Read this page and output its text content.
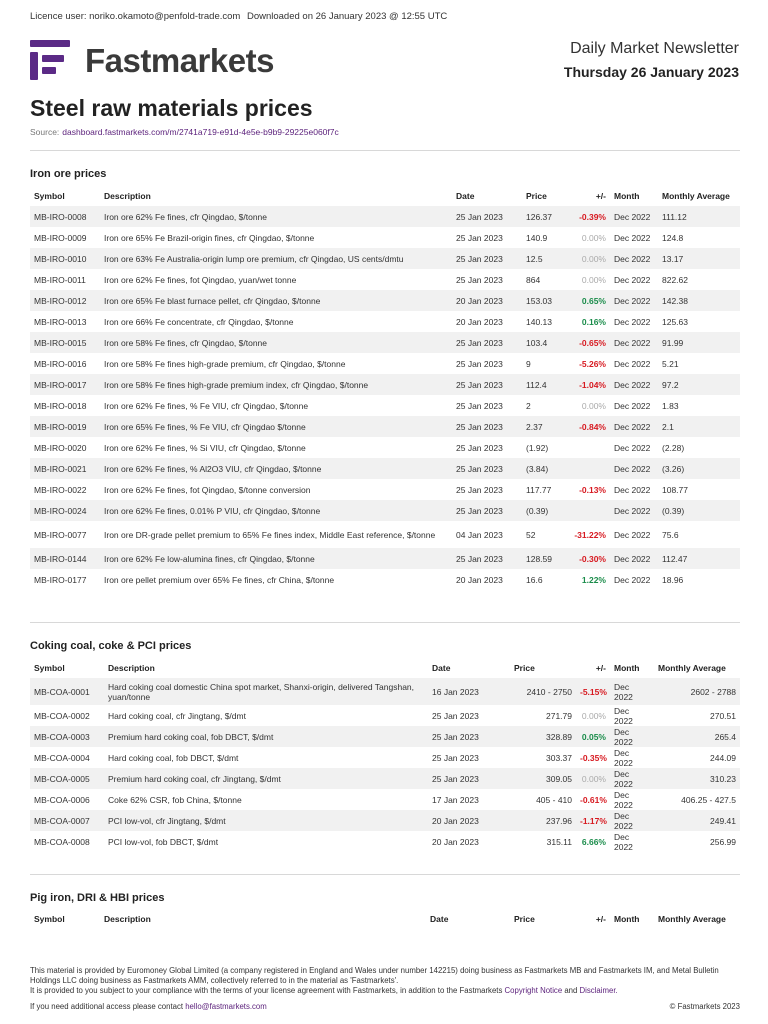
Licence user: noriko.okamoto@penfold-trade.com Downloaded on 26 January 2023 @ 12:55 UTC
Fastmarkets	Daily Market Newsletter
Thursday 26 January 2023
Steel raw materials prices
Source: dashboard.fastmarkets.com/m/2741a719-e91d-4e5e-b9b9-29225e060f7c
Iron ore prices
Symbol	Description	Date	Price	+/-	Month	Monthly Average
MB-IRO-0008	Iron ore 62% Fe fines, cfr Qingdao, $/tonne	25 Jan 2023	126.37	-0.39%	Dec 2022	111.12
MB-IRO-0009	Iron ore 65% Fe Brazil-origin fines, cfr Qingdao, $/tonne	25 Jan 2023	140.9	0.00%	Dec 2022	124.8
MB-IRO-0010	Iron ore 63% Fe Australia-origin lump ore premium, cfr Qingdao, US cents/dmtu	25 Jan 2023	12.5	0.00%	Dec 2022	13.17
MB-IRO-0011	Iron ore 62% Fe fines, fot Qingdao, yuan/wet tonne	25 Jan 2023	864	0.00%	Dec 2022	822.62
MB-IRO-0012	Iron ore 65% Fe blast furnace pellet, cfr Qingdao, $/tonne	20 Jan 2023	153.03	0.65%	Dec 2022	142.38
MB-IRO-0013	Iron ore 66% Fe concentrate, cfr Qingdao, $/tonne	20 Jan 2023	140.13	0.16%	Dec 2022	125.63
MB-IRO-0015	Iron ore 58% Fe fines, cfr Qingdao, $/tonne	25 Jan 2023	103.4	-0.65%	Dec 2022	91.99
MB-IRO-0016	Iron ore 58% Fe fines high-grade premium, cfr Qingdao, $/tonne	25 Jan 2023	9	-5.26%	Dec 2022	5.21
MB-IRO-0017	Iron ore 58% Fe fines high-grade premium index, cfr Qingdao, $/tonne	25 Jan 2023	112.4	-1.04%	Dec 2022	97.2
MB-IRO-0018	Iron ore 62% Fe fines, % Fe VIU, cfr Qingdao, $/tonne	25 Jan 2023	2	0.00%	Dec 2022	1.83
MB-IRO-0019	Iron ore 65% Fe fines, % Fe VIU, cfr Qingdao $/tonne	25 Jan 2023	2.37	-0.84%	Dec 2022	2.1
MB-IRO-0020	Iron ore 62% Fe fines, % Si VIU, cfr Qingdao, $/tonne	25 Jan 2023	(1.92)		Dec 2022	(2.28)
MB-IRO-0021	Iron ore 62% Fe fines, % Al2O3 VIU, cfr Qingdao, $/tonne	25 Jan 2023	(3.84)		Dec 2022	(3.26)
MB-IRO-0022	Iron ore 62% Fe fines, fot Qingdao, $/tonne conversion	25 Jan 2023	117.77	-0.13%	Dec 2022	108.77
MB-IRO-0024	Iron ore 62% Fe fines, 0.01% P VIU, cfr Qingdao, $/tonne	25 Jan 2023	(0.39)		Dec 2022	(0.39)
MB-IRO-0077	Iron ore DR-grade pellet premium to 65% Fe fines index, Middle East reference, $/tonne	04 Jan 2023	52	-31.22%	Dec 2022	75.6
MB-IRO-0144	Iron ore 62% Fe low-alumina fines, cfr Qingdao, $/tonne	25 Jan 2023	128.59	-0.30%	Dec 2022	112.47
MB-IRO-0177	Iron ore pellet premium over 65% Fe fines, cfr China, $/tonne	20 Jan 2023	16.6	1.22%	Dec 2022	18.96
Coking coal, coke & PCI prices
Symbol	Description	Date	Price	+/-	Month	Monthly Average
MB-COA-0001	Hard coking coal domestic China spot market, Shanxi-origin, delivered Tangshan, yuan/tonne	16 Jan 2023	2410 - 2750	-5.15%	Dec 2022	2602 - 2788
MB-COA-0002	Hard coking coal, cfr Jingtang, $/dmt	25 Jan 2023	271.79	0.00%	Dec 2022	270.51
MB-COA-0003	Premium hard coking coal, fob DBCT, $/dmt	25 Jan 2023	328.89	0.05%	Dec 2022	265.4
MB-COA-0004	Hard coking coal, fob DBCT, $/dmt	25 Jan 2023	303.37	-0.35%	Dec 2022	244.09
MB-COA-0005	Premium hard coking coal, cfr Jingtang, $/dmt	25 Jan 2023	309.05	0.00%	Dec 2022	310.23
MB-COA-0006	Coke 62% CSR, fob China, $/tonne	17 Jan 2023	405 - 410	-0.61%	Dec 2022	406.25 - 427.5
MB-COA-0007	PCI low-vol, cfr Jingtang, $/dmt	20 Jan 2023	237.96	-1.17%	Dec 2022	249.41
MB-COA-0008	PCI low-vol, fob DBCT, $/dmt	20 Jan 2023	315.11	6.66%	Dec 2022	256.99
Pig iron, DRI & HBI prices
Symbol	Description	Date	Price	+/-	Month	Monthly Average
This material is provided by Euromoney Global Limited (a company registered in England and Wales under number 142215) doing business as Fastmarkets MB and Fastmarkets IM, and Metal Bulletin Holdings LLC doing business as Fastmarkets AMM, collectively referred to in the material as 'Fastmarkets'.
It is provided to you subject to your compliance with the terms of your license agreement with Fastmarkets, in addition to the Fastmarkets Copyright Notice and Disclaimer.
If you need additional access please contact hello@fastmarkets.com	© Fastmarkets 2023
